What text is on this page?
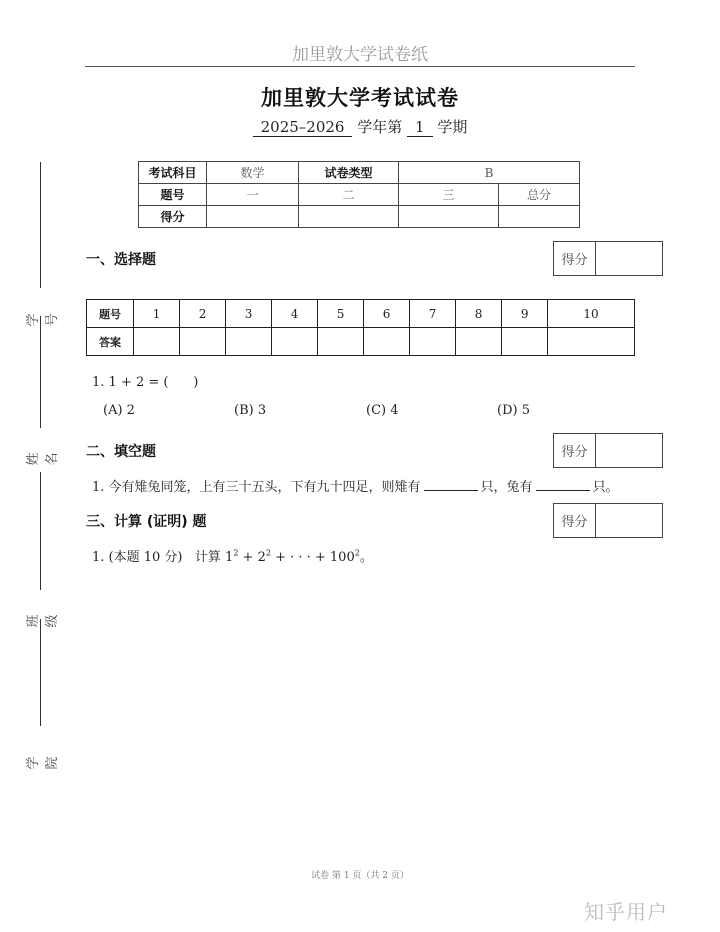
加里敦大学试卷纸
加里敦大学考试试卷
2025–2026 学年第 1 学期
考试科目	数学	试卷类型	B	
题号	一	二	三	总分
得分				
一、选择题	得分
题号	1	2	3	4	5	6	7	8	9	10
答案										
1. 1 + 2 = (      )
(A) 2	(B) 3	(C) 4	(D) 5
二、填空题	得分
1. 今有雉兔同笼，上有三十五头，下有九十四足，则雉有	只，兔有	只。
三、计算 (证明) 题	得分
1. (本题 10 分) 计算 $1^2 + 2^2$ + · · · + $100^2$。
学号
姓名
班级
学院
试卷 第 1 页（共 2 页）
知乎用户
